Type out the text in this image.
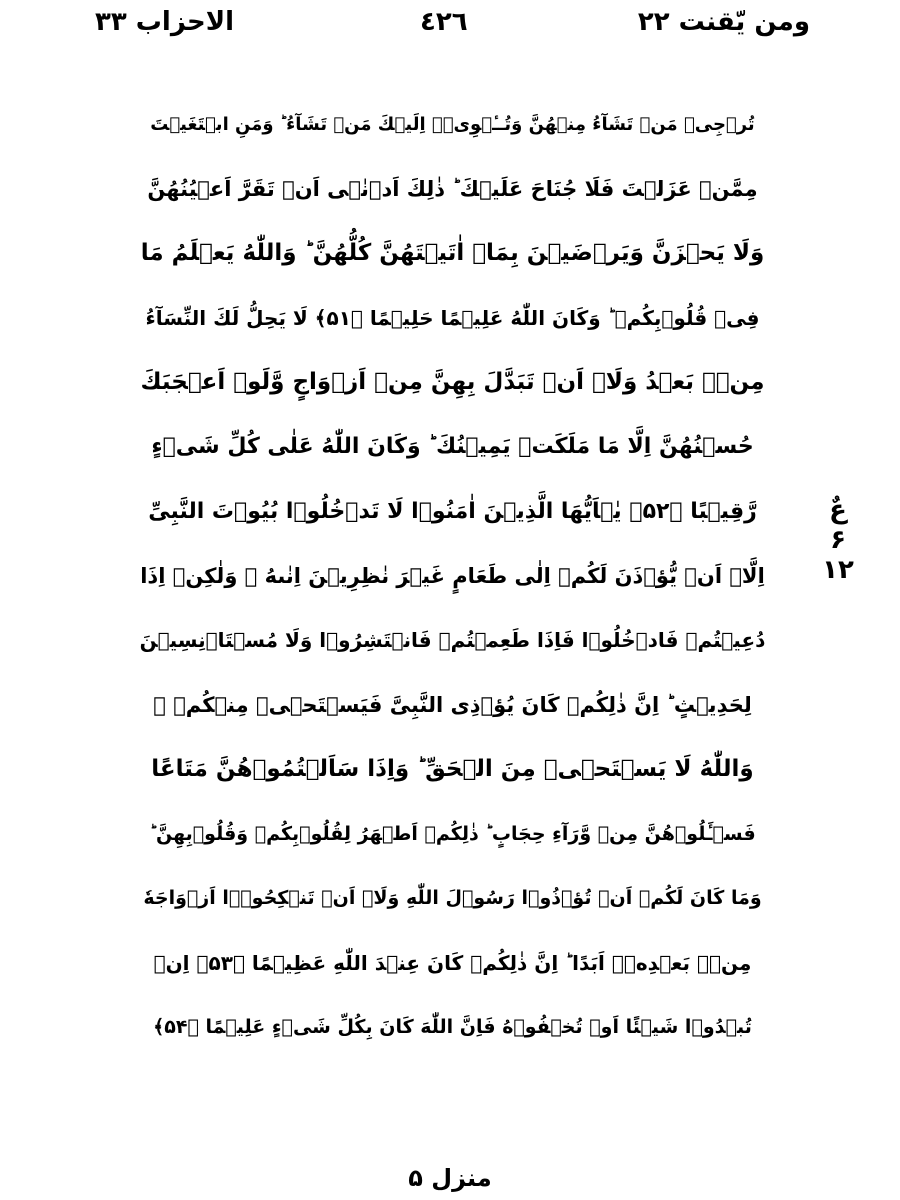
الاحزاب ٣٣	٤٢٦	ومن يّقنت ٢٢
تُرۡجِیۡ مَنۡ تَشَآءُ مِنۡهُنَّ وَتُــٔۡوِیۡۤ اِلَیۡكَ مَنۡ تَشَآءُ ؕ وَمَنِ ابۡتَغَیۡتَ
مِمَّنۡ عَزَلۡتَ فَلَا جُنَاحَ عَلَیۡكَ ؕ ذٰلِكَ اَدۡنٰۤی اَنۡ تَقَرَّ اَعۡیُنُهُنَّ
وَلَا یَحۡزَنَّ وَیَرۡضَیۡنَ بِمَاۤ اٰتَیۡتَهُنَّ كُلُّهُنَّ ؕ وَاللّٰهُ یَعۡلَمُ مَا
فِیۡ قُلُوۡبِكُمۡ ؕ وَكَانَ اللّٰهُ عَلِیۡمًا حَلِیۡمًا ﴿۵۱﴾ لَا یَحِلُّ لَكَ النِّسَآءُ
مِنۡۢ بَعۡدُ وَلَاۤ اَنۡ تَبَدَّلَ بِهِنَّ مِنۡ اَزۡوَاجٍ وَّلَوۡ اَعۡجَبَكَ
حُسۡنُهُنَّ اِلَّا مَا مَلَكَتۡ یَمِیۡنُكَ ؕ وَكَانَ اللّٰهُ عَلٰی كُلِّ شَیۡءٍ
رَّقِیۡبًا ﴿۵۲﴾ یٰۤاَیُّهَا الَّذِیۡنَ اٰمَنُوۡا لَا تَدۡخُلُوۡا بُیُوۡتَ النَّبِیِّ
اِلَّاۤ اَنۡ یُّؤۡذَنَ لَكُمۡ اِلٰی طَعَامٍ غَیۡرَ نٰظِرِیۡنَ اِنٰىهُ ۙ وَلٰكِنۡ اِذَا
دُعِیۡتُمۡ فَادۡخُلُوۡا فَاِذَا طَعِمۡتُمۡ فَانۡتَشِرُوۡا وَلَا مُسۡتَاۡنِسِیۡنَ
لِحَدِیۡثٍ ؕ اِنَّ ذٰلِكُمۡ كَانَ یُؤۡذِی النَّبِیَّ فَیَسۡتَحۡیٖ مِنۡكُمۡ ۫
وَاللّٰهُ لَا یَسۡتَحۡیٖ مِنَ الۡحَقِّ ؕ وَاِذَا سَاَلۡتُمُوۡهُنَّ مَتَاعًا
فَسۡـَٔلُوۡهُنَّ مِنۡ وَّرَآءِ حِجَابٍ ؕ ذٰلِكُمۡ اَطۡهَرُ لِقُلُوۡبِكُمۡ وَقُلُوۡبِهِنَّ ؕ
وَمَا كَانَ لَكُمۡ اَنۡ تُؤۡذُوۡا رَسُوۡلَ اللّٰهِ وَلَاۤ اَنۡ تَنۡكِحُوۡۤا اَزۡوَاجَهٗ
مِنۡۢ بَعۡدِهٖۤ اَبَدًا ؕ اِنَّ ذٰلِكُمۡ كَانَ عِنۡدَ اللّٰهِ عَظِیۡمًا ﴿۵۳﴾ اِنۡ
تُبۡدُوۡا شَیۡئًا اَوۡ تُخۡفُوۡهُ فَاِنَّ اللّٰهَ كَانَ بِكُلِّ شَیۡءٍ عَلِیۡمًا ﴿۵۴﴾
عٌ ۶ ۱۲
منزل ۵
